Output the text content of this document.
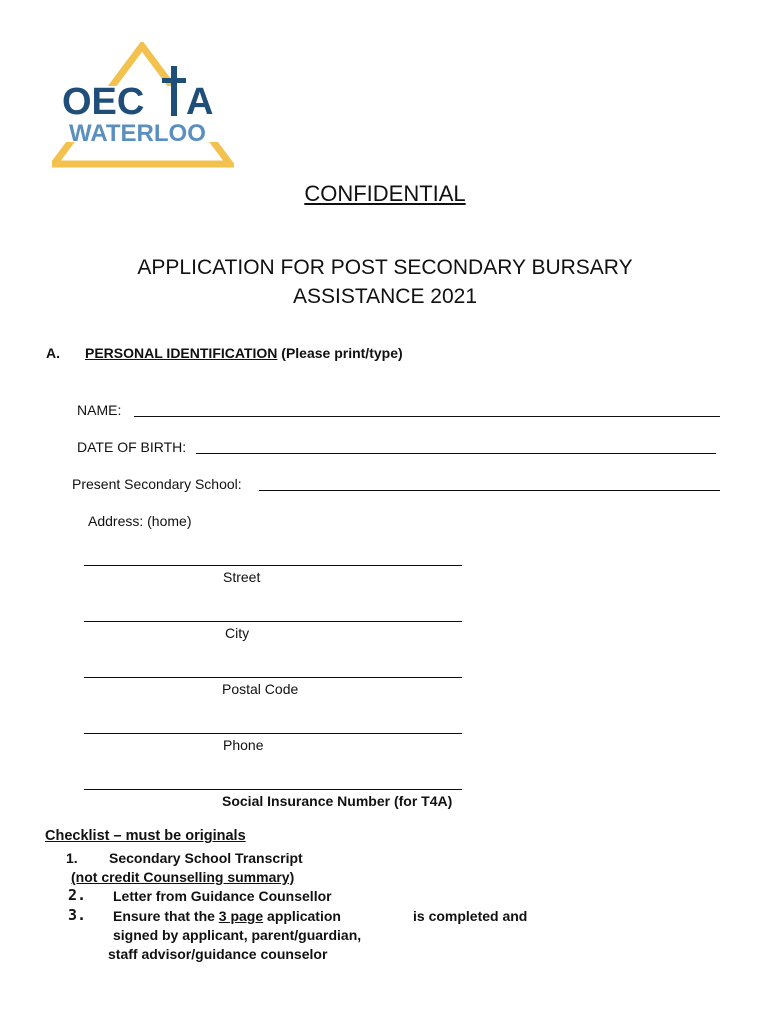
OEC A
WATERLOO
CONFIDENTIAL
APPLICATION FOR POST SECONDARY BURSARY
ASSISTANCE 2021
A. PERSONAL IDENTIFICATION (Please print/type)
NAME:
DATE OF BIRTH:
Present Secondary School:
Address: (home)
Street
City
Postal Code
Phone
Social Insurance Number (for T4A)
Checklist – must be originals
1. Secondary School Transcript
(not credit Counselling summary)
2. Letter from Guidance Counsellor
3. Ensure that the 3 page application	is completed and
signed by applicant, parent/guardian,
staff advisor/guidance counselor
